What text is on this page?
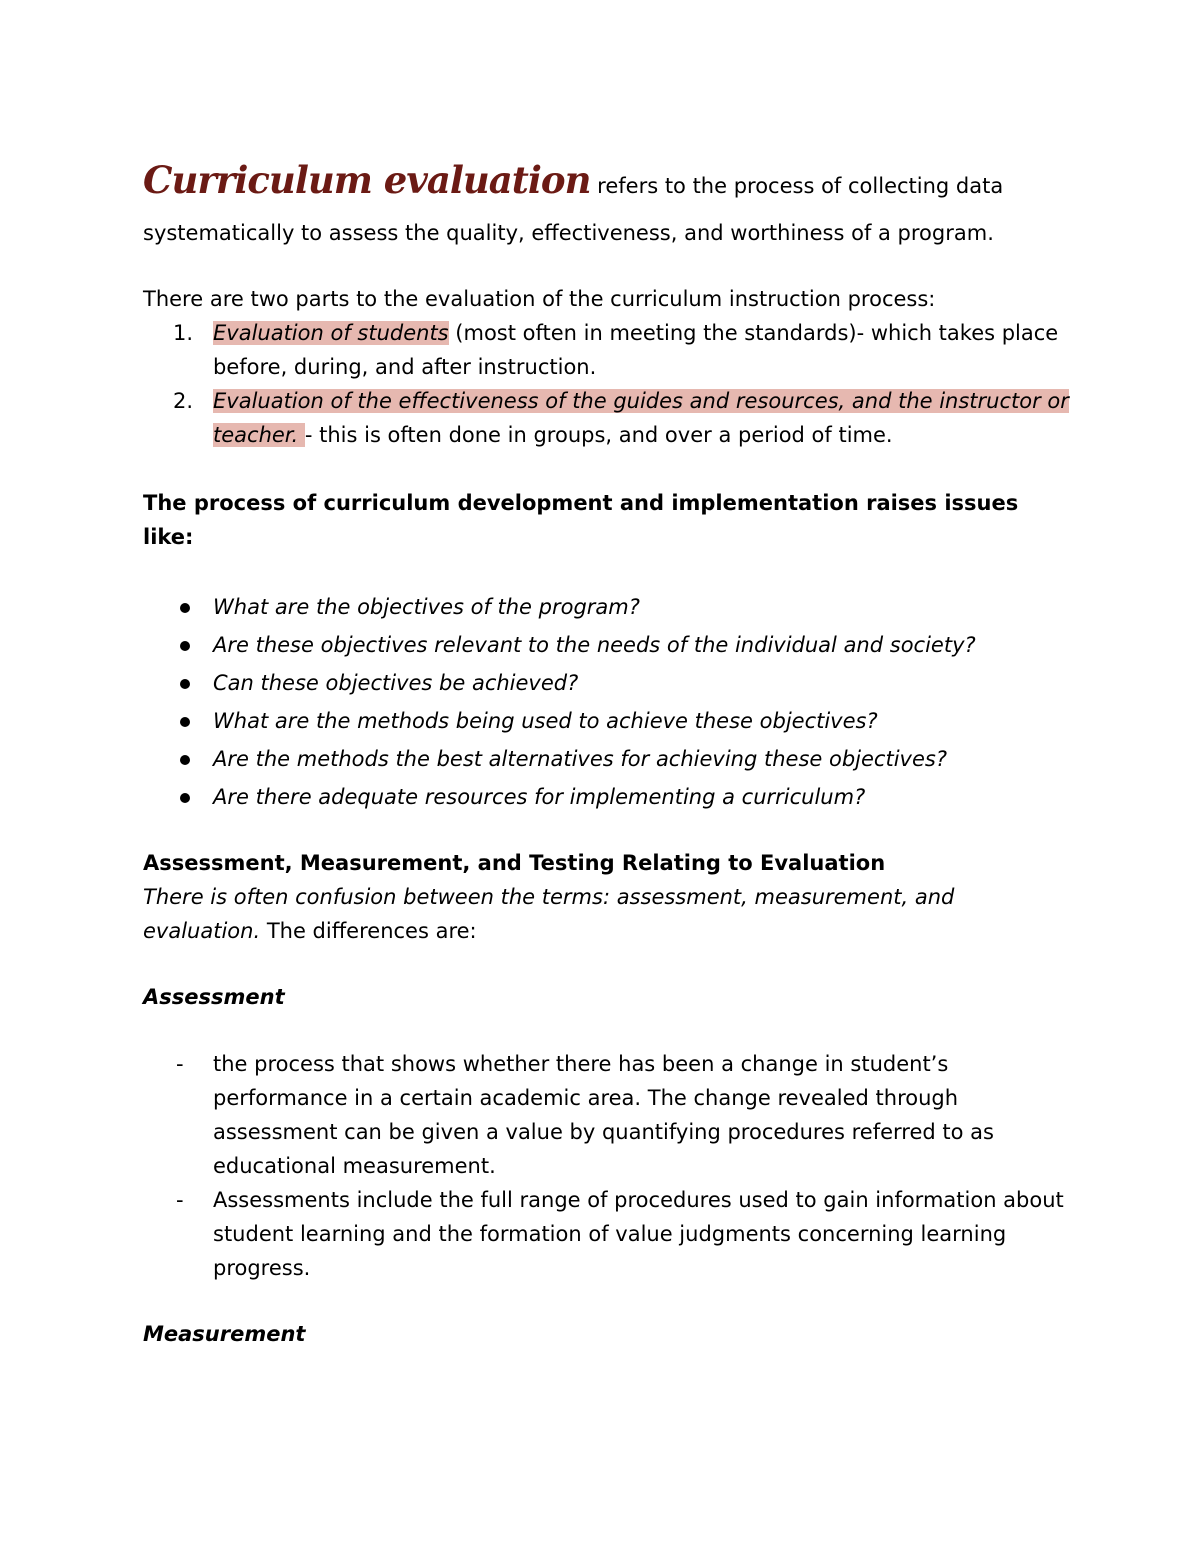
Curriculum evaluation refers to the process of collecting data

systematically to assess the quality, effectiveness, and worthiness of a program.

There are two parts to the evaluation of the curriculum instruction process:

1. Evaluation of students (most often in meeting the standards)- which takes place before, during, and after instruction.
2. Evaluation of the effectiveness of the guides and resources, and the instructor or teacher. - this is often done in groups, and over a period of time.

The process of curriculum development and implementation raises issues like:

What are the objectives of the program?
Are these objectives relevant to the needs of the individual and society?
Can these objectives be achieved?
What are the methods being used to achieve these objectives?
Are the methods the best alternatives for achieving these objectives?
Are there adequate resources for implementing a curriculum?

Assessment, Measurement, and Testing Relating to Evaluation

There is often confusion between the terms: assessment, measurement, and evaluation. The differences are:

Assessment

- the process that shows whether there has been a change in student’s performance in a certain academic area. The change revealed through assessment can be given a value by quantifying procedures referred to as educational measurement.
- Assessments include the full range of procedures used to gain information about student learning and the formation of value judgments concerning learning progress.

Measurement
